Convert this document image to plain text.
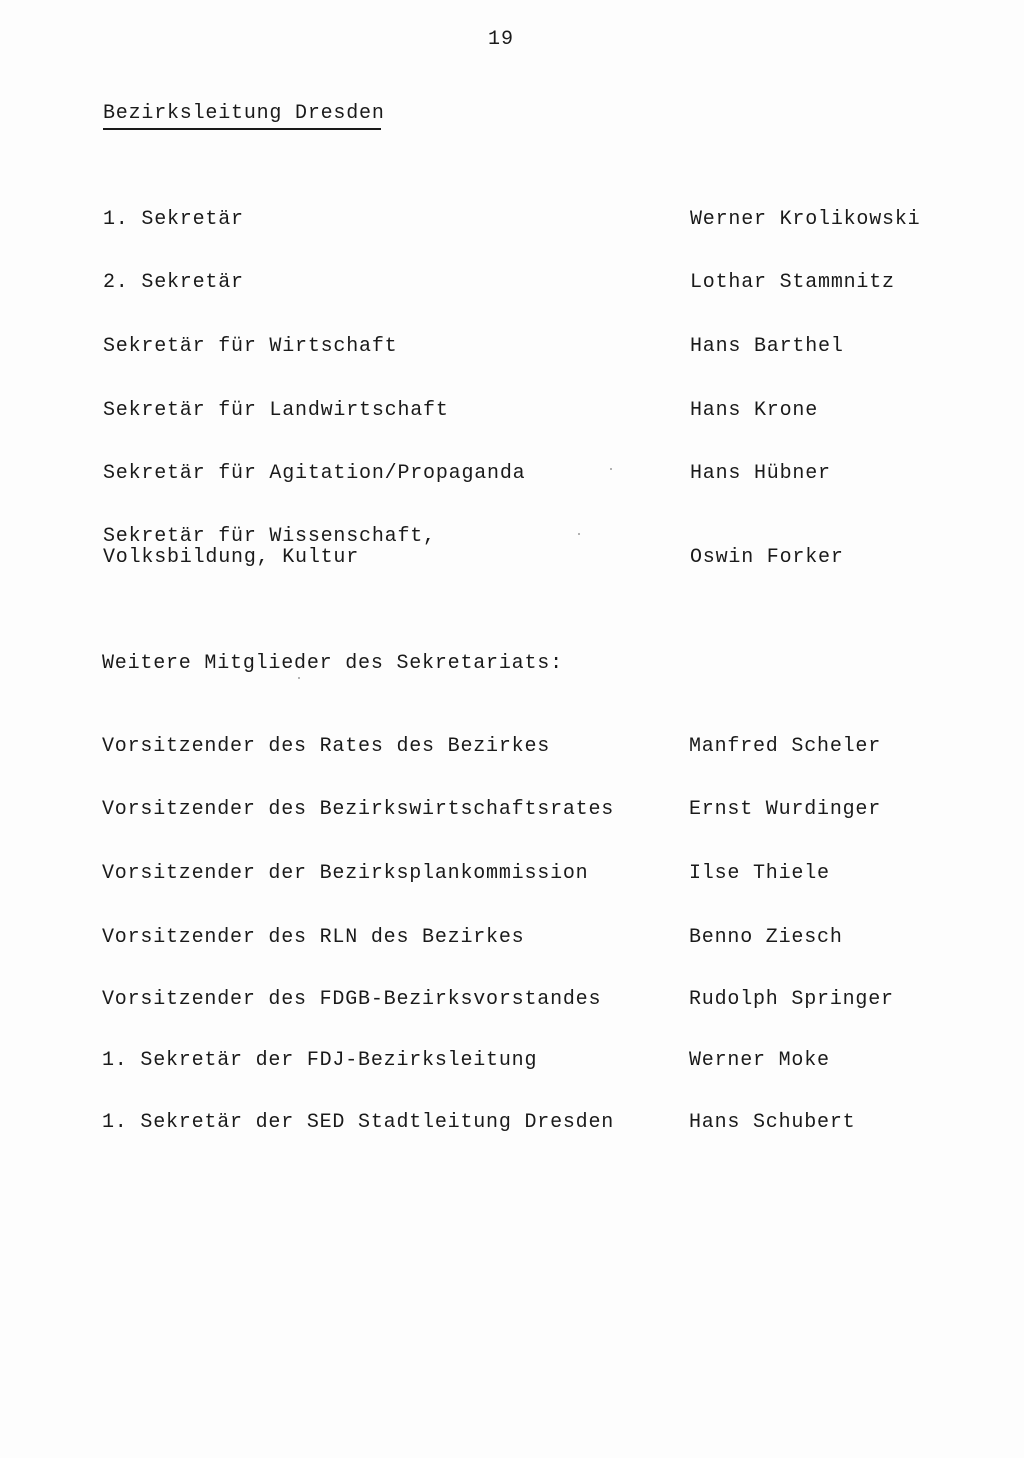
19
Bezirksleitung Dresden
1. Sekretär	Werner Krolikowski
2. Sekretär	Lothar Stammnitz
Sekretär für Wirtschaft	Hans Barthel
Sekretär für Landwirtschaft	Hans Krone
Sekretär für Agitation/Propaganda	Hans Hübner
Sekretär für Wissenschaft,
Volksbildung, Kultur	Oswin Forker
Weitere Mitglieder des Sekretariats:
Vorsitzender des Rates des Bezirkes	Manfred Scheler
Vorsitzender des Bezirkswirtschaftsrates	Ernst Wurdinger
Vorsitzender der Bezirksplankommission	Ilse Thiele
Vorsitzender des RLN des Bezirkes	Benno Ziesch
Vorsitzender des FDGB-Bezirksvorstandes	Rudolph Springer
1. Sekretär der FDJ-Bezirksleitung	Werner Moke
1. Sekretär der SED Stadtleitung Dresden	Hans Schubert
